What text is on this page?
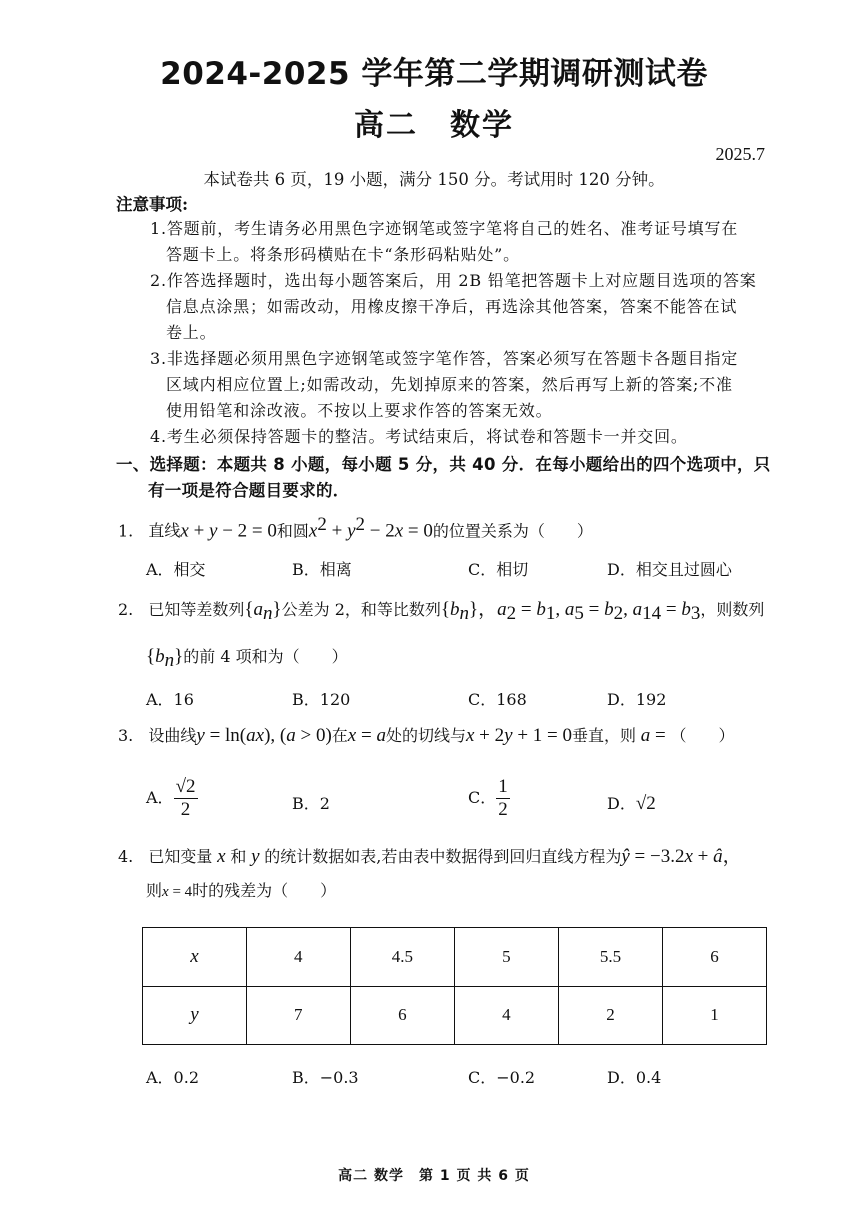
2024-2025 学年第二学期调研测试卷
高二　数学
2025.7
本试卷共 6 页，19 小题，满分 150 分。考试用时 120 分钟。
注意事项:
1.答题前，考生请务必用黑色字迹钢笔或签字笔将自己的姓名、准考证号填写在
答题卡上。将条形码横贴在卡“条形码粘贴处”。
2.作答选择题时，选出每小题答案后，用 2B 铅笔把答题卡上对应题目选项的答案
信息点涂黑；如需改动，用橡皮擦干净后，再选涂其他答案，答案不能答在试
卷上。
3.非选择题必须用黑色字迹钢笔或签字笔作答，答案必须写在答题卡各题目指定
区域内相应位置上;如需改动，先划掉原来的答案，然后再写上新的答案;不准
使用铅笔和涂改液。不按以上要求作答的答案无效。
4.考生必须保持答题卡的整洁。考试结束后，将试卷和答题卡一并交回。
一、选择题：本题共 8 小题，每小题 5 分，共 40 分．在每小题给出的四个选项中，只
有一项是符合题目要求的．
1. 直线x + y − 2 = 0和圆$x^2 + y^2 - 2x = 0$的位置关系为（　　）
A．相交	B．相离	C．相切	D．相交且过圆心
2. 已知等差数列$\{a_n\}$公差为 2，和等比数列$\{b_n\}$，$a_2 = b_1$, $a_5 = b_2$, $a_{14} = b_3$，则数列
$\{b_n\}$的前 4 项和为（　　）
A．16	B．120	C．168	D．192
3. 设曲线y = ln(ax), (a > 0)在x = a处的切线与x + 2y + 1 = 0垂直，则 a = （　　）
A． $\frac{√2}{2}$	B．2	C． $\frac{1}{2}$	D．√2
4. 已知变量 x 和 y 的统计数据如表,若由表中数据得到回归直线方程为ŷ = −3.2x + â，
则x = 4时的残差为（　　）
x	4	4.5	5	5.5	6
y	7	6	4	2	1
A．0.2	B．−0.3	C．−0.2	D．0.4
高二 数学　第 1 页 共 6 页
